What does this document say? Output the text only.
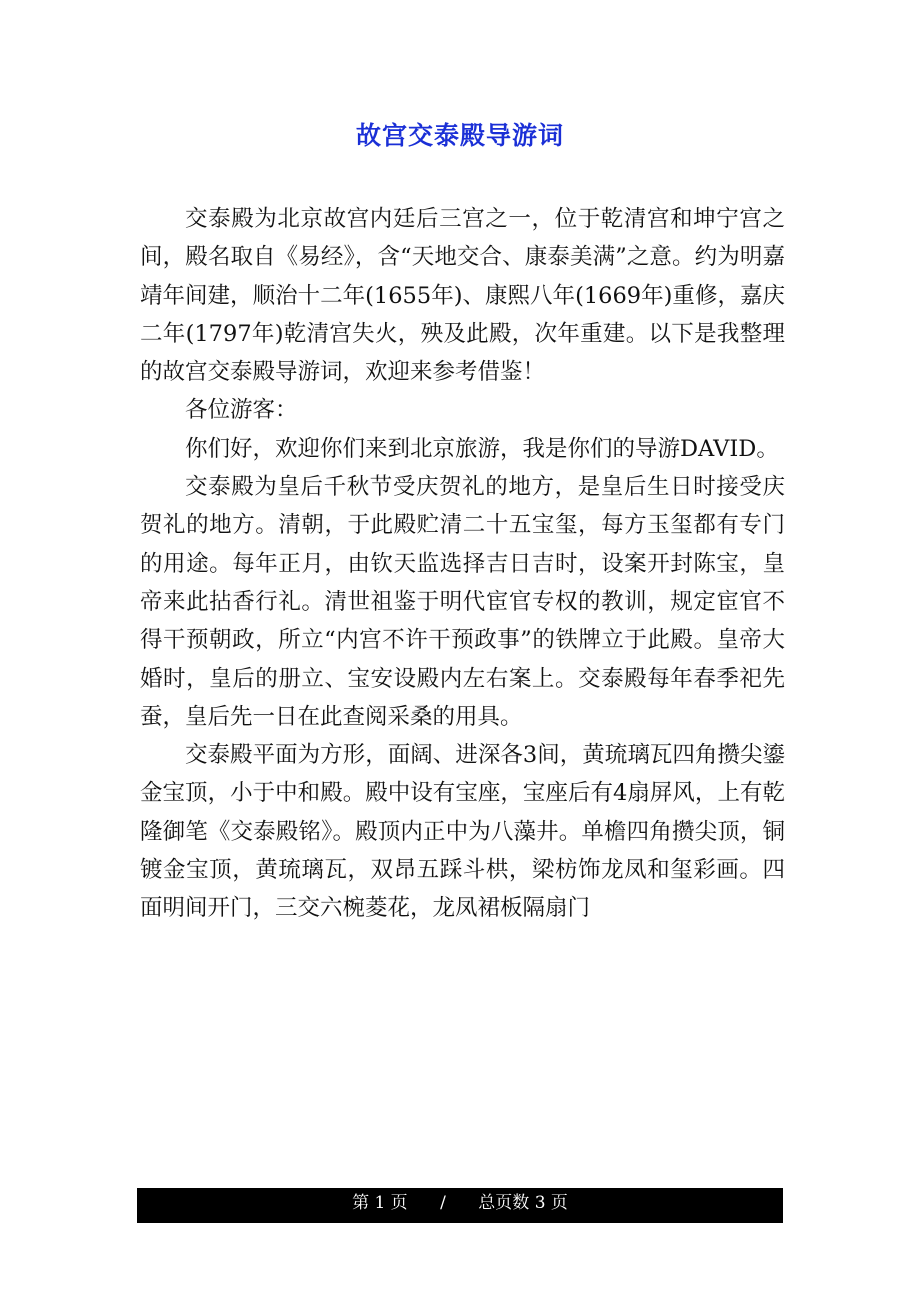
故宫交泰殿导游词

交泰殿为北京故宫内廷后三宫之一，位于乾清宫和坤宁宫之间，殿名取自《易经》，含“天地交合、康泰美满”之意。约为明嘉靖年间建，顺治十二年(1655年)、康熙八年(1669年)重修，嘉庆二年(1797年)乾清宫失火，殃及此殿，次年重建。以下是我整理的故宫交泰殿导游词，欢迎来参考借鉴！

各位游客：

你们好，欢迎你们来到北京旅游，我是你们的导游DAVID。

交泰殿为皇后千秋节受庆贺礼的地方，是皇后生日时接受庆贺礼的地方。清朝，于此殿贮清二十五宝玺，每方玉玺都有专门的用途。每年正月，由钦天监选择吉日吉时，设案开封陈宝，皇帝来此拈香行礼。清世祖鉴于明代宦官专权的教训，规定宦官不得干预朝政，所立“内宫不许干预政事”的铁牌立于此殿。皇帝大婚时，皇后的册立、宝安设殿内左右案上。交泰殿每年春季祀先蚕，皇后先一日在此查阅采桑的用具。

交泰殿平面为方形，面阔、进深各3间，黄琉璃瓦四角攒尖鎏金宝顶，小于中和殿。殿中设有宝座，宝座后有4扇屏风，上有乾隆御笔《交泰殿铭》。殿顶内正中为八藻井。单檐四角攒尖顶，铜镀金宝顶，黄琉璃瓦，双昂五踩斗栱，梁枋饰龙凤和玺彩画。四面明间开门，三交六椀菱花，龙凤裙板隔扇门

第 1 页
/
总页数 3 页
